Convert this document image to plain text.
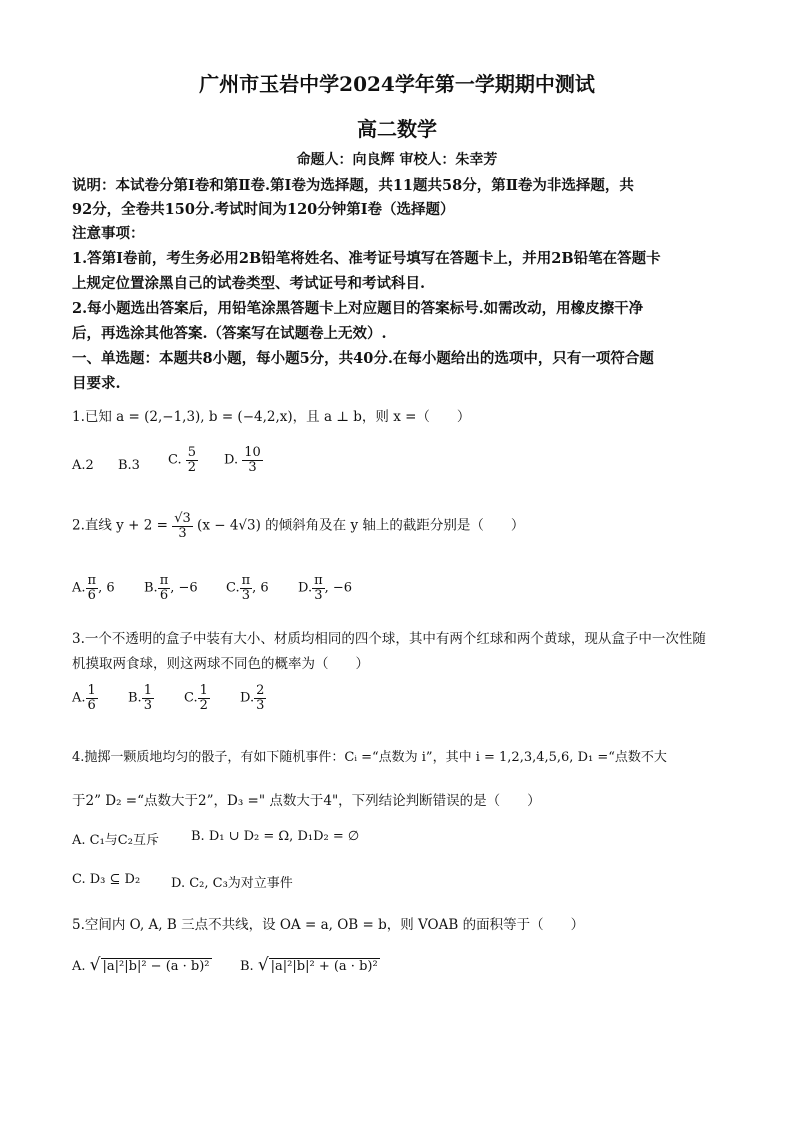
广州市玉岩中学2024学年第一学期期中测试
高二数学
命题人：向良辉 审校人：朱幸芳
说明：本试卷分第Ⅰ卷和第Ⅱ卷.第Ⅰ卷为选择题，共11题共58分，第Ⅱ卷为非选择题，共
92分，全卷共150分.考试时间为120分钟第Ⅰ卷（选择题）
注意事项：
1.答第Ⅰ卷前，考生务必用2B铅笔将姓名、准考证号填写在答题卡上，并用2B铅笔在答题卡
上规定位置涂黑自己的试卷类型、考试证号和考试科目.
2.每小题选出答案后，用铅笔涂黑答题卡上对应题目的答案标号.如需改动，用橡皮擦干净
后，再选涂其他答案.（答案写在试题卷上无效）.
一、单选题：本题共8小题，每小题5分，共40分.在每小题给出的选项中，只有一项符合题
目要求.
1.已知 a = (2,−1,3), b = (−4,2,x)，且 a ⊥ b，则 x =（　　）
A.2 B.3 C. $\frac{5}{2} D$. $\frac{10}{3}$
2.直线 $y + 2 = \frac{√3}{3} (x - 4√3)$ 的倾斜角及在 y 轴上的截距分别是（　　）
A. $\frac{\pi}{6}$ , 6 B. $\frac{\pi}{6}$ , −6 C. $\frac{\pi}{3}$ , 6 D. $\frac{\pi}{3}$ , −6
3.一个不透明的盒子中装有大小、材质均相同的四个球，其中有两个红球和两个黄球，现从盒子中一次性随
机摸取两食球，则这两球不同色的概率为（　　）
A. $\frac{1}{6} B$. $\frac{1}{3} C$. $\frac{1}{2} D$. $\frac{2}{3}$
4.抛掷一颗质地均匀的骰子，有如下随机事件：Cᵢ =“点数为 i”，其中 i = 1,2,3,4,5,6, D₁ =“点数不大
于2” D₂ =“点数大于2”，D₃ =" 点数大于4"，下列结论判断错误的是（　　）
A. C₁与C₂互斥 B. D₁ ∪ D₂ = Ω, D₁D₂ = ∅
C. D₃ ⊆ D₂ D. C₂, C₃为对立事件
5.空间内 O, A, B 三点不共线，设 OA = a, OB = b，则 VOAB 的面积等于（　　）
A. √ |a|²|b|² − (a · b)² B. √ |a|²|b|² + (a · b)²
